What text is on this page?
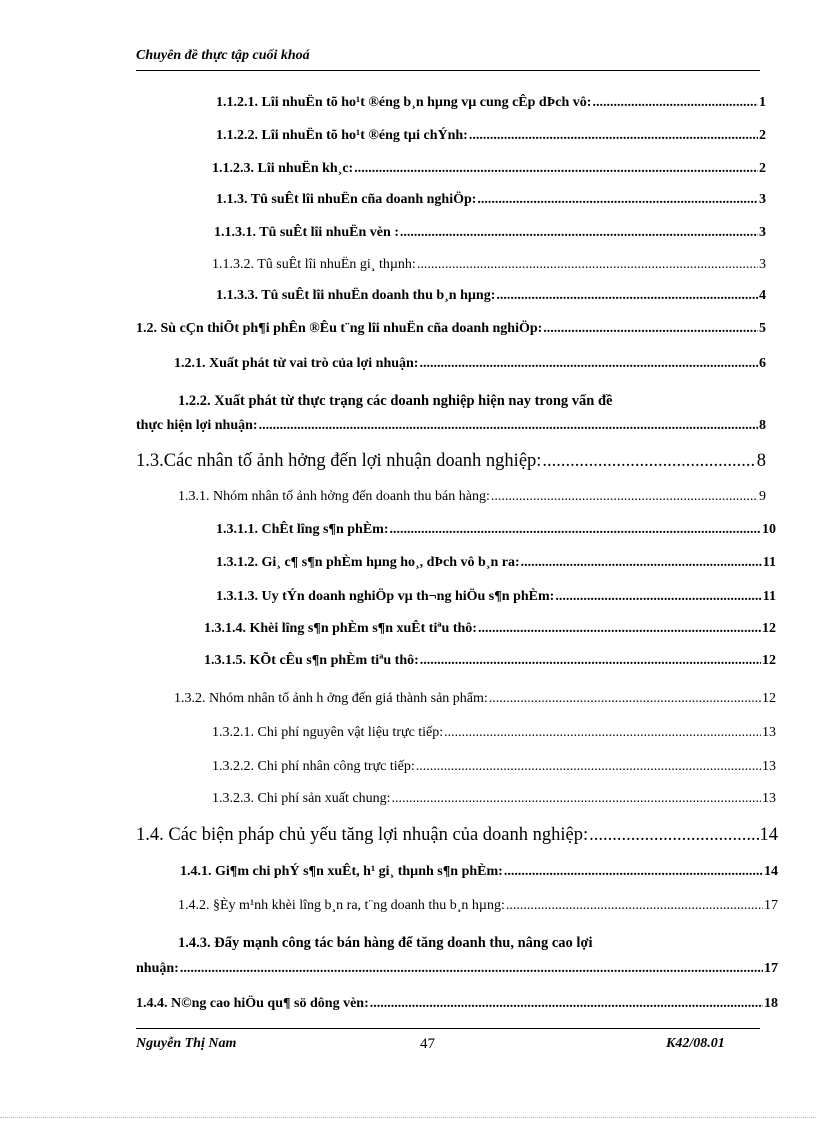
Chuyên đề thực tập cuối khoá
1.1.2.1. Lîi nhuËn tõ ho¹t ®éng b¸n hµng vµ cung cÊp dÞch vô: .....	1
1.1.2.2. Lîi nhuËn tõ ho¹t ®éng tµi chÝnh: .....	2
1.1.2.3. Lîi nhuËn kh¸c: .....	2
1.1.3. Tû suÊt lîi nhuËn cña doanh nghiÖp: .....	3
1.1.3.1. Tû suÊt lîi nhuËn vèn : .....	3
1.1.3.2. Tû suÊt lîi nhuËn gi¸ thµnh: .....	3
1.1.3.3. Tû suÊt lîi nhuËn doanh thu b¸n hµng: .....	4
1.2. Sù cÇn thiÕt ph¶i phÊn ®Êu t¨ng lîi nhuËn cña doanh nghiÖp: .....	5
1.2.1. Xuất phát từ vai trò của lợi nhuận: .....	6
1.2.2. Xuất phát từ thực trạng các doanh nghiệp hiện nay trong vấn đề
thực hiện lợi nhuận: .....	8
1.3.Các nhân tố ảnh hởng đến lợi nhuận doanh nghiệp: .....	8
1.3.1. Nhóm nhân tố ảnh hởng đến doanh thu bán hàng: .....	9
1.3.1.1. ChÊt lîng s¶n phÈm: .....	10
1.3.1.2. Gi¸ c¶ s¶n phÈm hµng ho¸, dÞch vô b¸n ra: .....	11
1.3.1.3. Uy tÝn doanh nghiÖp vµ th¬ng hiÖu s¶n phÈm: .....	11
1.3.1.4. Khèi lîng s¶n phÈm s¶n xuÊt tiªu thô: .....	12
1.3.1.5. KÕt cÊu s¶n phÈm tiªu thô: .....	12
1.3.2. Nhóm nhân tố ảnh h ởng đến giá thành sản phẩm: .....	12
1.3.2.1. Chi phí nguyên vật liệu trực tiếp: .....	13
1.3.2.2. Chi phí nhân công trực tiếp: .....	13
1.3.2.3. Chi phí sản xuất chung: .....	13
1.4. Các biện pháp chủ yếu tăng lợi nhuận của doanh nghiệp: .....	14
1.4.1. Gi¶m chi phÝ s¶n xuÊt, h¹ gi¸ thµnh s¶n phÈm: .....	14
1.4.2. §Èy m¹nh khèi lîng b¸n ra, t¨ng doanh thu b¸n hµng: .....	17
1.4.3. Đẩy mạnh công tác bán hàng để tăng doanh thu, nâng cao lợi
nhuận: .....	17
1.4.4. N©ng cao hiÖu qu¶ sö dông vèn: .....	18
Nguyễn Thị Nam	47	K42/08.01
